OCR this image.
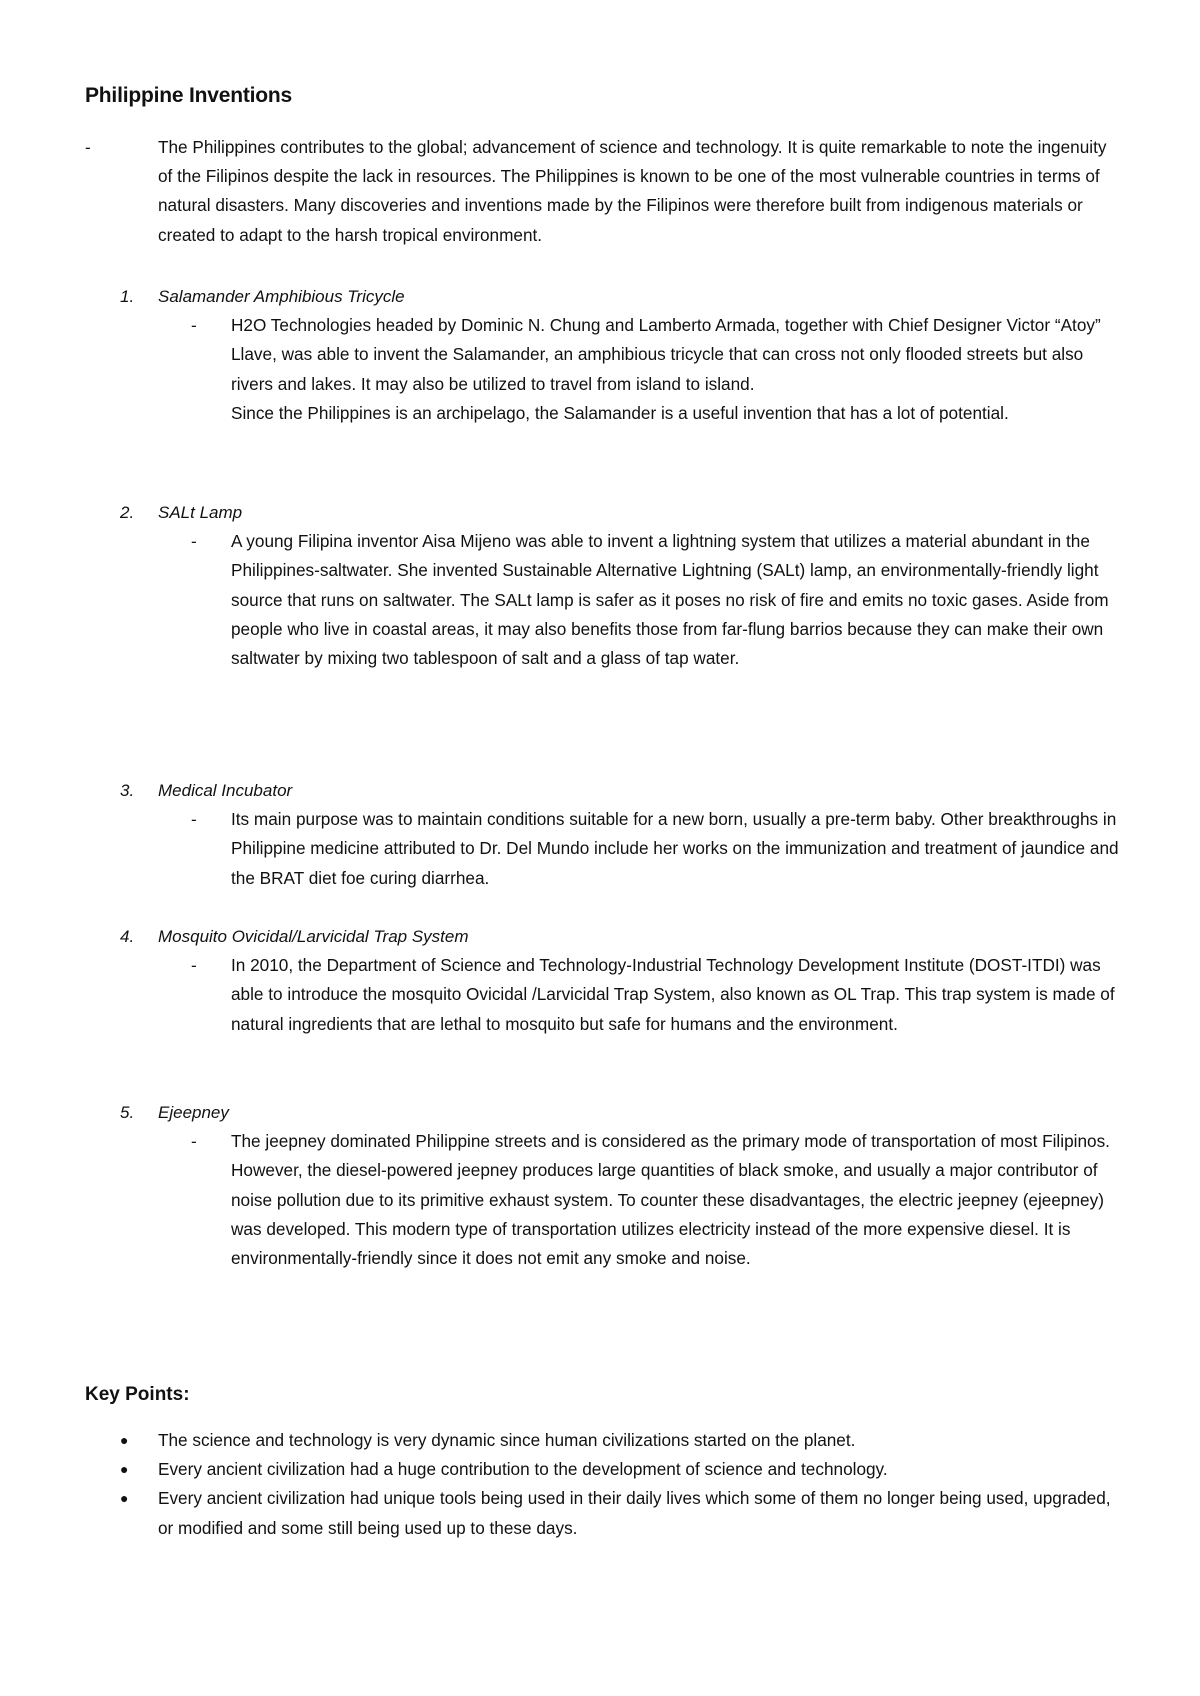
Philippine Inventions
-	The Philippines contributes to the global; advancement of science and technology. It is quite remarkable to note the ingenuity of the Filipinos despite the lack in resources. The Philippines is known to be one of the most vulnerable countries in terms of natural disasters. Many discoveries and inventions made by the Filipinos were therefore built from indigenous materials or created to adapt to the harsh tropical environment.
1.	Salamander Amphibious Tricycle
-	H2O Technologies headed by Dominic N. Chung and Lamberto Armada, together with Chief Designer Victor “Atoy” Llave, was able to invent the Salamander, an amphibious tricycle that can cross not only flooded streets but also rivers and lakes. It may also be utilized to travel from island to island.
Since the Philippines is an archipelago, the Salamander is a useful invention that has a lot of potential.
2.	SALt Lamp
-	A young Filipina inventor Aisa Mijeno was able to invent a lightning system that utilizes a material abundant in the Philippines-saltwater. She invented Sustainable Alternative Lightning (SALt) lamp, an environmentally-friendly light source that runs on saltwater. The SALt lamp is safer as it poses no risk of fire and emits no toxic gases. Aside from people who live in coastal areas, it may also benefits those from far-flung barrios because they can make their own saltwater by mixing two tablespoon of salt and a glass of tap water.
3.	Medical Incubator
-	Its main purpose was to maintain conditions suitable for a new born, usually a pre-term baby. Other breakthroughs in Philippine medicine attributed to Dr. Del Mundo include her works on the immunization and treatment of jaundice and the BRAT diet foe curing diarrhea.
4.	Mosquito Ovicidal/Larvicidal Trap System
-	In 2010, the Department of Science and Technology-Industrial Technology Development Institute (DOST-ITDI) was able to introduce the mosquito Ovicidal /Larvicidal Trap System, also known as OL Trap. This trap system is made of natural ingredients that are lethal to mosquito but safe for humans and the environment.
5.	Ejeepney
-	The jeepney dominated Philippine streets and is considered as the primary mode of transportation of most Filipinos. However, the diesel-powered jeepney produces large quantities of black smoke, and usually a major contributor of noise pollution due to its primitive exhaust system. To counter these disadvantages, the electric jeepney (ejeepney) was developed. This modern type of transportation utilizes electricity instead of the more expensive diesel. It is environmentally-friendly since it does not emit any smoke and noise.
Key Points:
●	The science and technology is very dynamic since human civilizations started on the planet.
●	Every ancient civilization had a huge contribution to the development of science and technology.
●	Every ancient civilization had unique tools being used in their daily lives which some of them no longer being used, upgraded, or modified and some still being used up to these days.
